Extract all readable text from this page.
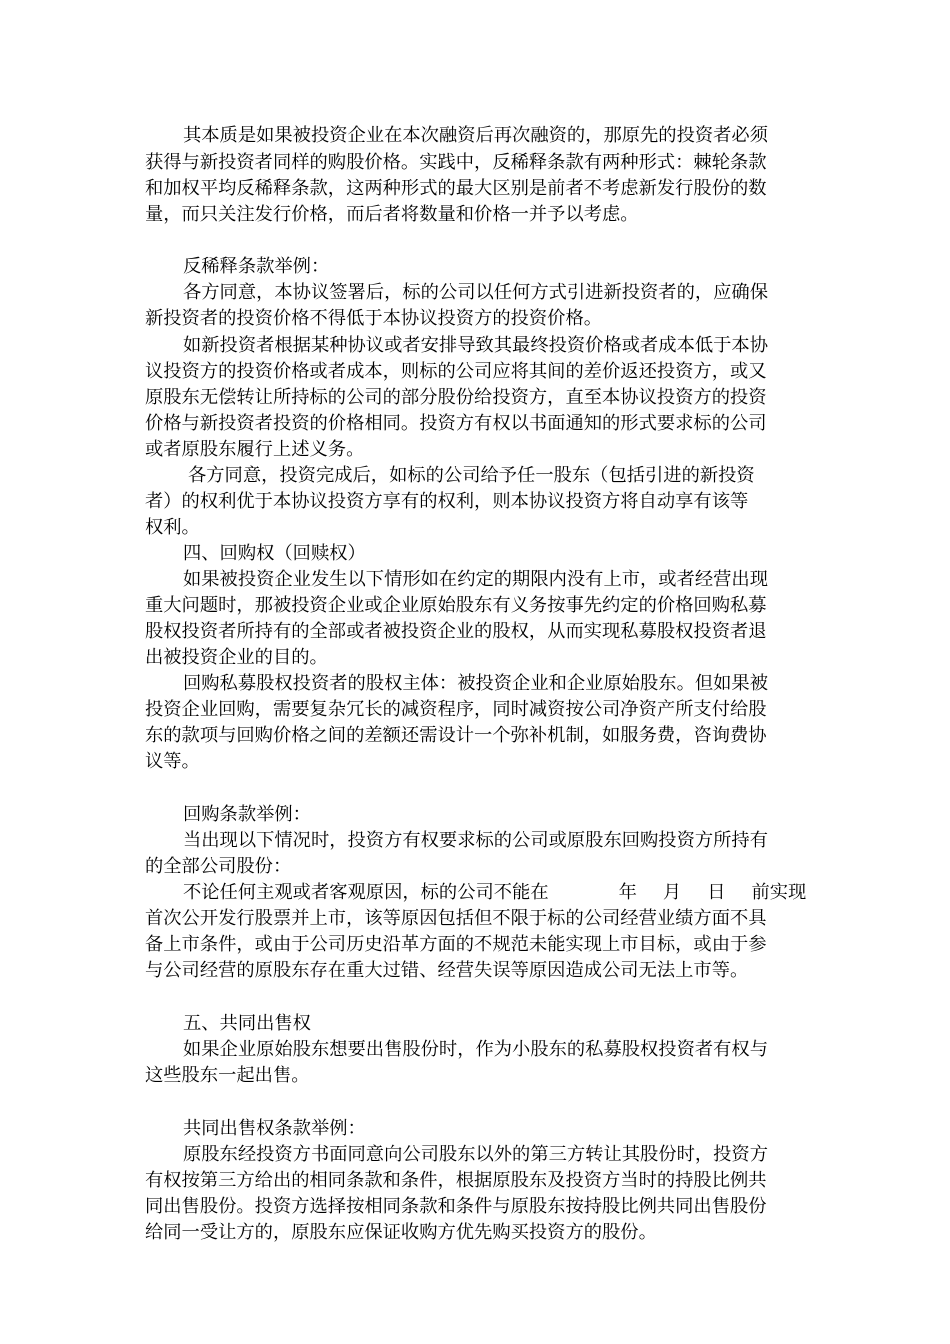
其本质是如果被投资企业在本次融资后再次融资的，那原先的投资者必须
获得与新投资者同样的购股价格。实践中，反稀释条款有两种形式：棘轮条款
和加权平均反稀释条款，这两种形式的最大区别是前者不考虑新发行股份的数
量，而只关注发行价格，而后者将数量和价格一并予以考虑。
反稀释条款举例：
各方同意，本协议签署后，标的公司以任何方式引进新投资者的，应确保
新投资者的投资价格不得低于本协议投资方的投资价格。
如新投资者根据某种协议或者安排导致其最终投资价格或者成本低于本协
议投资方的投资价格或者成本，则标的公司应将其间的差价返还投资方，或又
原股东无偿转让所持标的公司的部分股份给投资方，直至本协议投资方的投资
价格与新投资者投资的价格相同。投资方有权以书面通知的形式要求标的公司
或者原股东履行上述义务。
各方同意，投资完成后，如标的公司给予任一股东（包括引进的新投资
者）的权利优于本协议投资方享有的权利，则本协议投资方将自动享有该等
权利。
四、回购权（回赎权）
如果被投资企业发生以下情形如在约定的期限内没有上市，或者经营出现
重大问题时，那被投资企业或企业原始股东有义务按事先约定的价格回购私募
股权投资者所持有的全部或者被投资企业的股权，从而实现私募股权投资者退
出被投资企业的目的。
回购私募股权投资者的股权主体：被投资企业和企业原始股东。但如果被
投资企业回购，需要复杂冗长的减资程序，同时减资按公司净资产所支付给股
东的款项与回购价格之间的差额还需设计一个弥补机制，如服务费，咨询费协
议等。
回购条款举例：
当出现以下情况时，投资方有权要求标的公司或原股东回购投资方所持有
的全部公司股份：
不论任何主观或者客观原因，标的公司不能在	年 月 日 前实现
首次公开发行股票并上市，该等原因包括但不限于标的公司经营业绩方面不具
备上市条件，或由于公司历史沿革方面的不规范未能实现上市目标，或由于参
与公司经营的原股东存在重大过错、经营失误等原因造成公司无法上市等。
五、共同出售权
如果企业原始股东想要出售股份时，作为小股东的私募股权投资者有权与
这些股东一起出售。
共同出售权条款举例：
原股东经投资方书面同意向公司股东以外的第三方转让其股份时，投资方
有权按第三方给出的相同条款和条件，根据原股东及投资方当时的持股比例共
同出售股份。投资方选择按相同条款和条件与原股东按持股比例共同出售股份
给同一受让方的，原股东应保证收购方优先购买投资方的股份。
